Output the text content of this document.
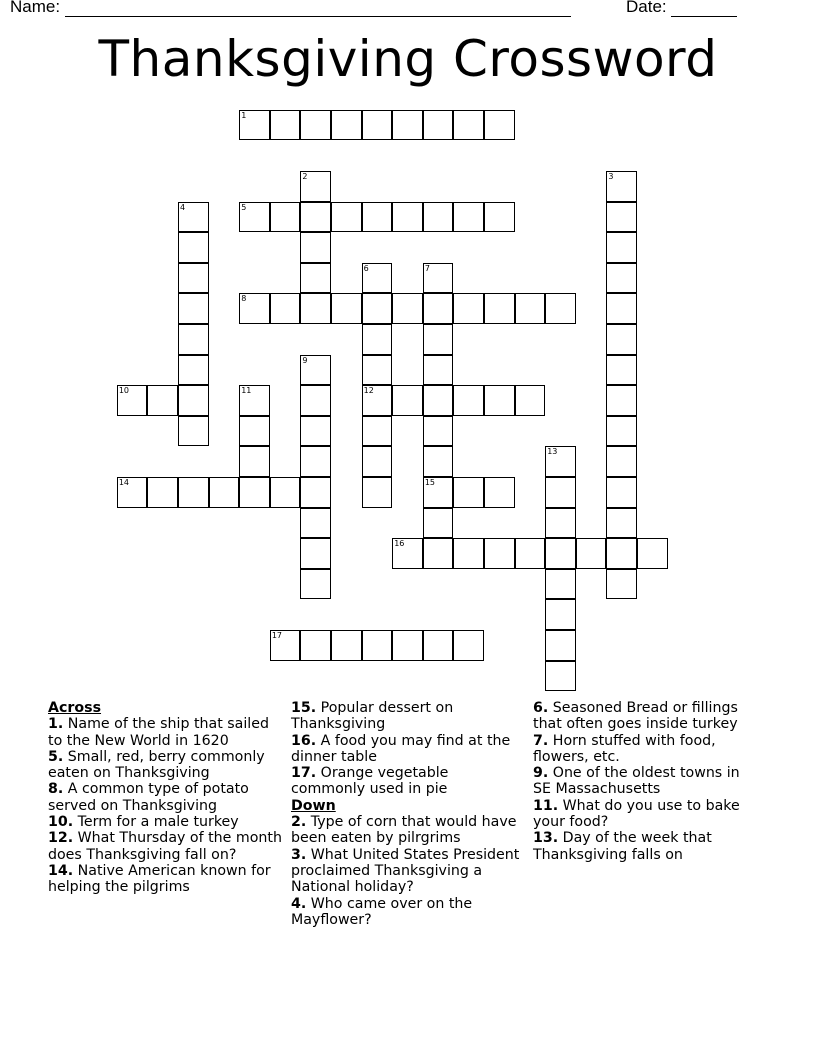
Name:	Date:
Thanksgiving Crossword
1
2	3
4	5
6
12
7
15
8
9
10	11
13
14
16
17
Across
1. Name of the ship that sailed to the New World in 1620
5. Small, red, berry commonly eaten on Thanksgiving
8. A common type of potato served on Thanksgiving
10. Term for a male turkey
12. What Thursday of the month does Thanksgiving fall on?
14. Native American known for helping the pilgrims
15. Popular dessert on Thanksgiving
16. A food you may find at the dinner table
17. Orange vegetable commonly used in pie
Down
2. Type of corn that would have been eaten by pilrgrims
3. What United States President proclaimed Thanksgiving a National holiday?
4. Who came over on the Mayflower?
6. Seasoned Bread or fillings that often goes inside turkey
7. Horn stuffed with food, flowers, etc.
9. One of the oldest towns in SE Massachusetts
11. What do you use to bake your food?
13. Day of the week that Thanksgiving falls on
